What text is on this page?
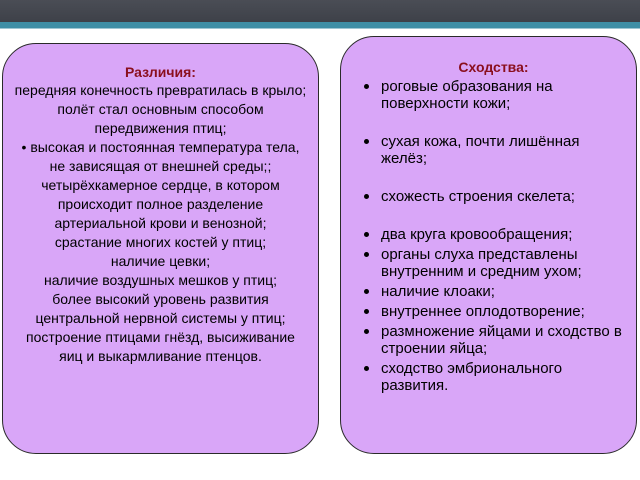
Различия:

передняя конечность превратилась в крыло; полёт стал основным способом передвижения птиц;

• высокая и постоянная температура тела, не зависящая от внешней среды;;

четырёхкамерное сердце, в котором происходит полное разделение артериальной крови и венозной;

срастание многих костей у птиц;

наличие цевки;

наличие воздушных мешков у птиц;

более высокий уровень развития центральной нервной системы у птиц;

построение птицами гнёзд, высиживание яиц и выкармливание птенцов.

Сходства:

роговые образования на поверхности кожи;
сухая кожа, почти лишённая желёз;
схожесть строения скелета;
два круга кровообращения;
органы слуха представлены внутренним и средним ухом;
наличие клоаки;
внутреннее оплодотворение;
размножение яйцами и сходство в строении яйца;
сходство эмбрионального развития.
